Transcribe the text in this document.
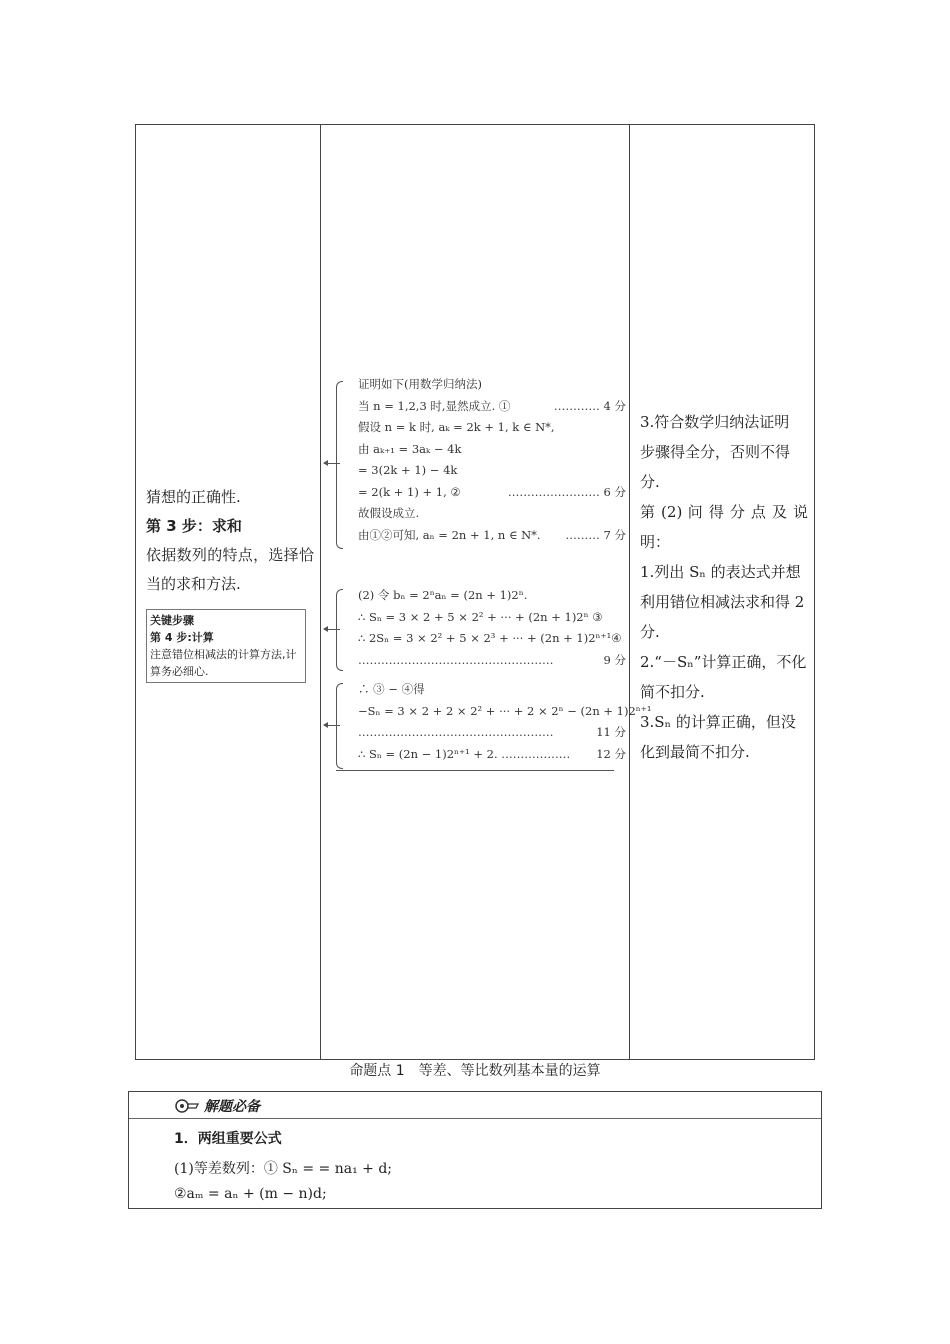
猜想的正确性.

第 3 步：求和

依据数列的特点，选择恰当的求和方法.

关键步骤
第 4 步:计算
注意错位相减法的计算方法,计算务必细心.
证明如下(用数学归纳法)
当 n = 1,2,3 时,显然成立. ①	………… 4 分
假设 n = k 时, aₖ = 2k + 1, k ∈ N*,
由 aₖ₊₁ = 3aₖ − 4k
= 3(2k + 1) − 4k
= 2(k + 1) + 1, ②	…………………… 6 分
故假设成立.
由①②可知, aₙ = 2n + 1, n ∈ N*. ……… 7 分
(2) 令 bₙ = 2ⁿaₙ = (2n + 1)2ⁿ.
∴ Sₙ = 3 × 2 + 5 × 2² + ··· + (2n + 1)2ⁿ ③
∴ 2Sₙ = 3 × 2² + 5 × 2³ + ··· + (2n + 1)2ⁿ⁺¹④
……………………………………………	9 分
∴ ③ − ④得
−Sₙ = 3 × 2 + 2 × 2² + ··· + 2 × 2ⁿ − (2n + 1)2ⁿ⁺¹
……………………………………………	11 分
∴ Sₙ = (2n − 1)2ⁿ⁺¹ + 2. ……………… 12 分

3.符合数学归纳法证明

步骤得全分，否则不得分.

第 (2) 问 得 分 点 及 说

明：

1.列出 Sₙ 的表达式并想利用错位相减法求和得 2 分.

2.“－Sₙ”计算正确，不化简不扣分.

3.Sₙ 的计算正确，但没化到最简不扣分.

命题点 1　等差、等比数列基本量的运算
解题必备
1．两组重要公式
(1)等差数列：① Sₙ = = na₁ + d;
②aₘ = aₙ + (m − n)d;
